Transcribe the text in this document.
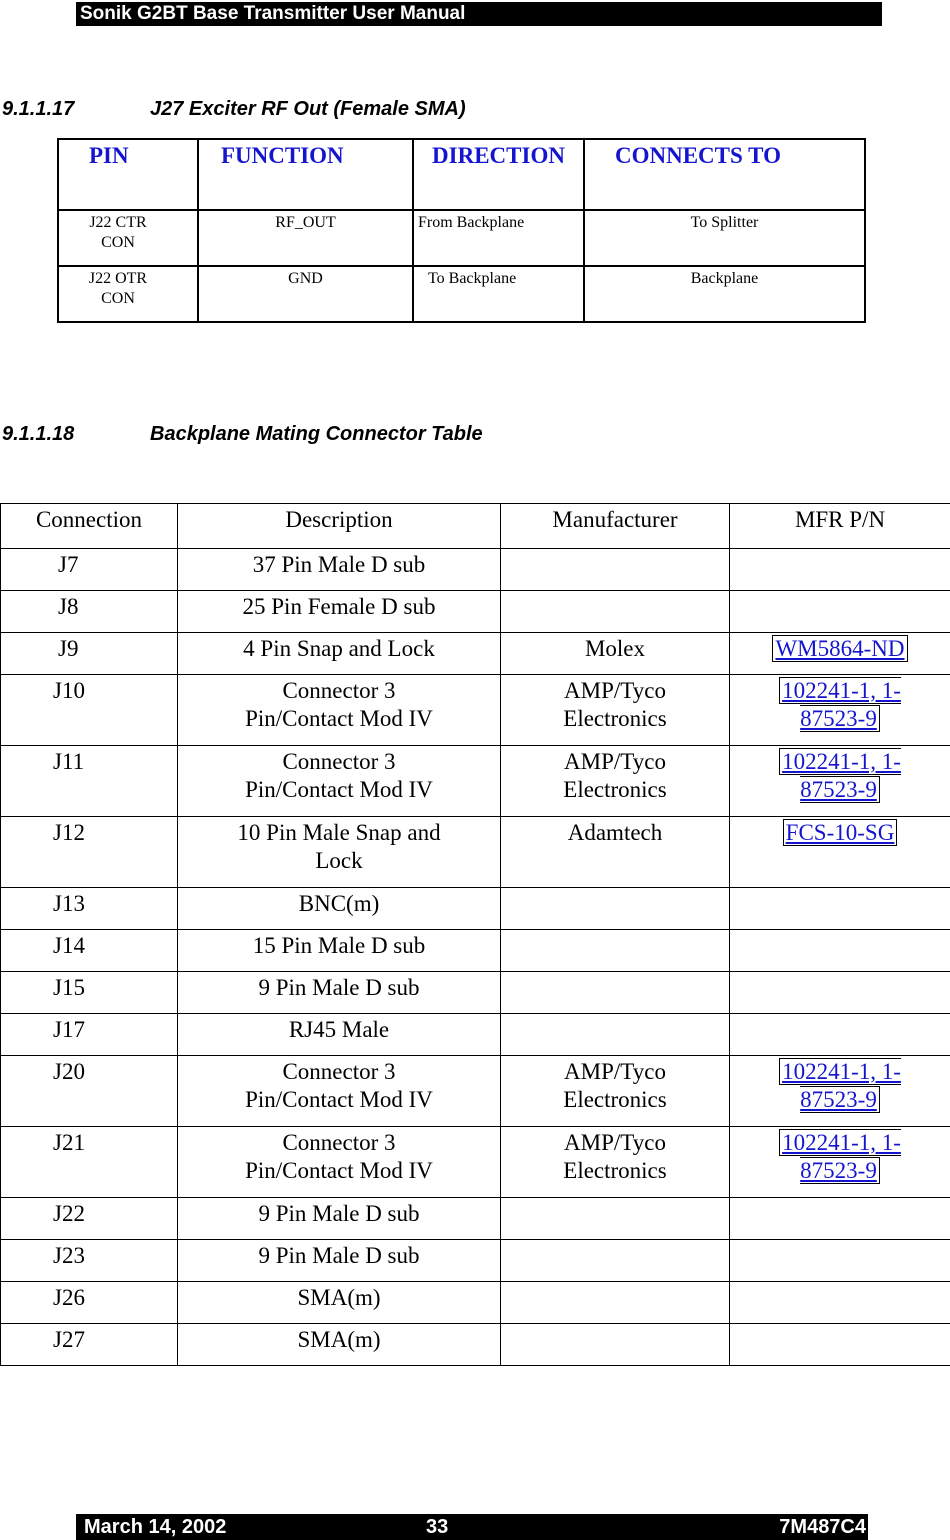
Sonik G2BT Base Transmitter User Manual
9.1.1.17	J27 Exciter RF Out (Female SMA)
PIN	FUNCTION	DIRECTION	CONNECTS TO

J22 CTR CON	RF_OUT	From Backplane	To Splitter

J22 OTR CON	GND	To Backplane	Backplane
9.1.1.18	Backplane Mating Connector Table
Connection	Description	Manufacturer	MFR P/N
J7	37 Pin Male D sub		
J8	25 Pin Female D sub		
J9	4 Pin Snap and Lock	Molex	WM5864-ND
J10	Connector 3 Pin/Contact Mod IV	AMP/Tyco Electronics	102241-1, 1-87523-9
J11	Connector 3 Pin/Contact Mod IV	AMP/Tyco Electronics	102241-1, 1-87523-9
J12	10 Pin Male Snap and Lock	Adamtech	FCS-10-SG
J13	BNC(m)		
J14	15 Pin Male D sub		
J15	9 Pin Male D sub		
J17	RJ45 Male		
J20	Connector 3 Pin/Contact Mod IV	AMP/Tyco Electronics	102241-1, 1-87523-9
J21	Connector 3 Pin/Contact Mod IV	AMP/Tyco Electronics	102241-1, 1-87523-9
J22	9 Pin Male D sub		
J23	9 Pin Male D sub		
J26	SMA(m)		
J27	SMA(m)		
March 14, 2002	33	7M487C4
